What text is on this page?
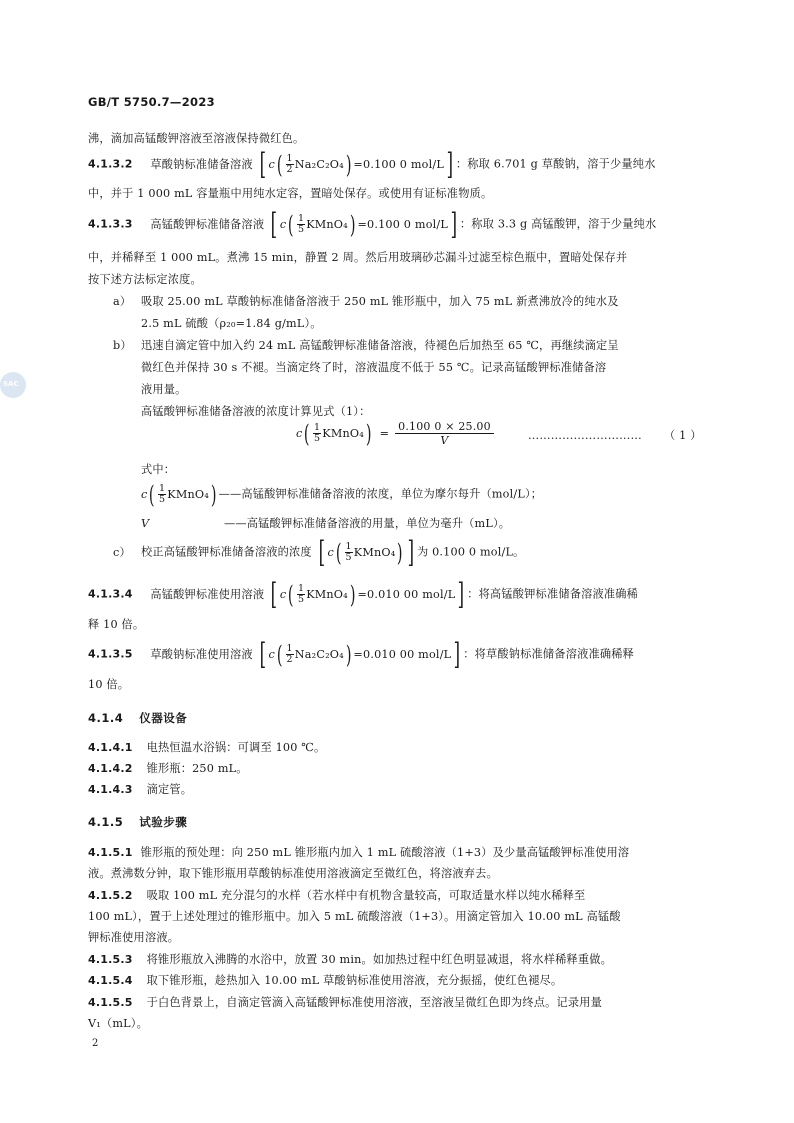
SAC
GB/T 5750.7—2023
沸，滴加高锰酸钾溶液至溶液保持微红色。
4.1.3.2 草酸钠标准储备溶液 [ c ( $\frac{1}{2} Na_2C_2O_4$ ) =0.100 0 mol/L ] ：称取 6.701 g 草酸钠，溶于少量纯水
中，并于 1 000 mL 容量瓶中用纯水定容，置暗处保存。或使用有证标准物质。
4.1.3.3 高锰酸钾标准储备溶液 [ c ( $\frac{1}{5}$ KMnO₄ ) =0.100 0 mol/L ] ：称取 3.3 g 高锰酸钾，溶于少量纯水
中，并稀释至 1 000 mL。煮沸 15 min，静置 2 周。然后用玻璃砂芯漏斗过滤至棕色瓶中，置暗处保存并
按下述方法标定浓度。
a） 吸取 25.00 mL 草酸钠标准储备溶液于 250 mL 锥形瓶中，加入 75 mL 新煮沸放冷的纯水及
2.5 mL 硫酸（ρ₂₀=1.84 g/mL）。
b） 迅速自滴定管中加入约 24 mL 高锰酸钾标准储备溶液，待褪色后加热至 65 ℃，再继续滴定呈
微红色并保持 30 s 不褪。当滴定终了时，溶液温度不低于 55 ℃。记录高锰酸钾标准储备溶
液用量。
高锰酸钾标准储备溶液的浓度计算见式（1）：
c ( $\frac{1}{5}$ KMnO₄ ) = $\frac{0.100 0 \times 25.00}{V}$	………………………… （ 1 ）
式中：
c ( $\frac{1}{5}$ KMnO₄ ) ——高锰酸钾标准储备溶液的浓度，单位为摩尔每升（mol/L）；
V	——高锰酸钾标准储备溶液的用量，单位为毫升（mL）。
c） 校正高锰酸钾标准储备溶液的浓度 [ c ( $\frac{1}{5}$ KMnO₄ ) ] 为 0.100 0 mol/L。
4.1.3.4 高锰酸钾标准使用溶液 [ c ( $\frac{1}{5}$ KMnO₄ ) =0.010 00 mol/L ] ：将高锰酸钾标准储备溶液准确稀
释 10 倍。
4.1.3.5 草酸钠标准使用溶液 [ c ( $\frac{1}{2} Na_2C_2O_4$ ) =0.010 00 mol/L ] ：将草酸钠标准储备溶液准确稀释
10 倍。
4.1.4 仪器设备
4.1.4.1 电热恒温水浴锅：可调至 100 ℃。
4.1.4.2 锥形瓶：250 mL。
4.1.4.3 滴定管。
4.1.5 试验步骤
4.1.5.1 锥形瓶的预处理：向 250 mL 锥形瓶内加入 1 mL 硫酸溶液（1+3）及少量高锰酸钾标准使用溶
液。煮沸数分钟，取下锥形瓶用草酸钠标准使用溶液滴定至微红色，将溶液弃去。
4.1.5.2 吸取 100 mL 充分混匀的水样（若水样中有机物含量较高，可取适量水样以纯水稀释至
100 mL），置于上述处理过的锥形瓶中。加入 5 mL 硫酸溶液（1+3）。用滴定管加入 10.00 mL 高锰酸
钾标准使用溶液。
4.1.5.3 将锥形瓶放入沸腾的水浴中，放置 30 min。如加热过程中红色明显减退，将水样稀释重做。
4.1.5.4 取下锥形瓶，趁热加入 10.00 mL 草酸钠标准使用溶液，充分振摇，使红色褪尽。
4.1.5.5 于白色背景上，自滴定管滴入高锰酸钾标准使用溶液，至溶液呈微红色即为终点。记录用量
V₁（mL）。
2
